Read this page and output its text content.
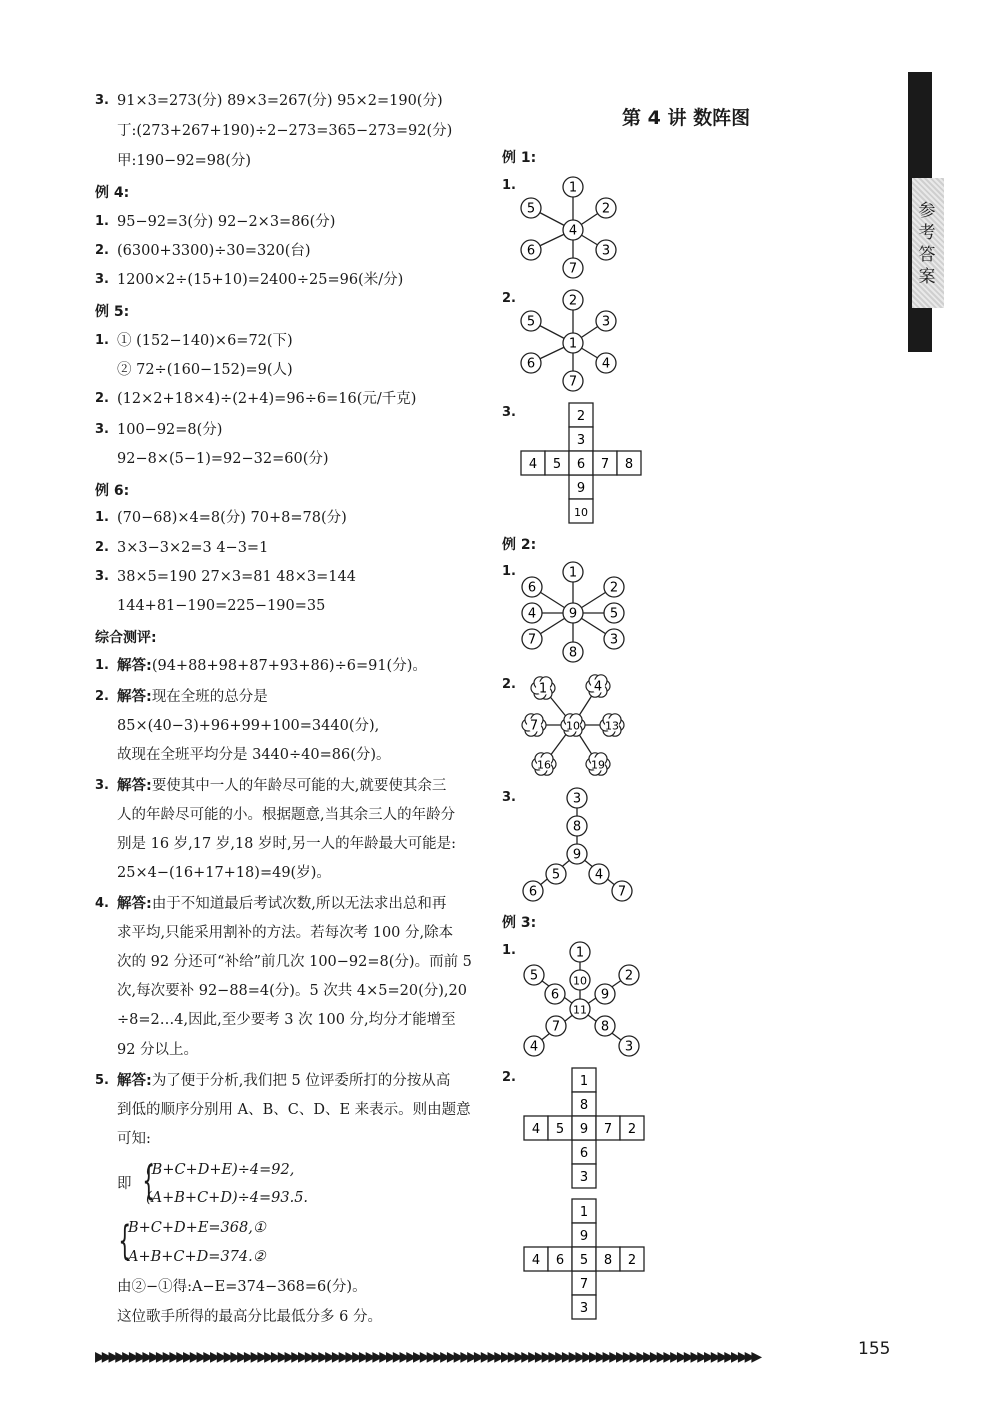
3. 91×3=273(分) 89×3=267(分) 95×2=190(分)
丁:(273+267+190)÷2−273=365−273=92(分)
甲:190−92=98(分)
例 4:
1. 95−92=3(分) 92−2×3=86(分)
2. (6300+3300)÷30=320(台)
3. 1200×2÷(15+10)=2400÷25=96(米/分)
例 5:
1. ① (152−140)×6=72(下)
② 72÷(160−152)=9(人)
2. (12×2+18×4)÷(2+4)=96÷6=16(元/千克)
3. 100−92=8(分)
92−8×(5−1)=92−32=60(分)
例 6:
1. (70−68)×4=8(分) 70+8=78(分)
2. 3×3−3×2=3 4−3=1
3. 38×5=190 27×3=81 48×3=144
144+81−190=225−190=35
综合测评:
1. 解答:(94+88+98+87+93+86)÷6=91(分)。
2. 解答:现在全班的总分是
85×(40−3)+96+99+100=3440(分),
故现在全班平均分是 3440÷40=86(分)。
3. 解答:要使其中一人的年龄尽可能的大,就要使其余三
人的年龄尽可能的小。根据题意,当其余三人的年龄分
别是 16 岁,17 岁,18 岁时,另一人的年龄最大可能是:
25×4−(16+17+18)=49(岁)。
4. 解答:由于不知道最后考试次数,所以无法求出总和再
求平均,只能采用割补的方法。若每次考 100 分,除本
次的 92 分还可“补给”前几次 100−92=8(分)。而前 5
次,每次要补 92−88=4(分)。5 次共 4×5=20(分),20
÷8=2…4,因此,至少要考 3 次 100 分,均分才能增至
92 分以上。
5. 解答:为了便于分析,我们把 5 位评委所打的分按从高
到低的顺序分别用 A、B、C、D、E 来表示。则由题意
可知:
即
由②−①得:A−E=374−368=6(分)。
这位歌手所得的最高分比最低分多 6 分。
{
(B+C+D+E)÷4=92,
(A+B+C+D)÷4=93.5.
{
B+C+D+E=368,①
A+B+C+D=374.②
第 4 讲 数阵图
例 1:
1.
2.
3.
例 2:
1.
2.
3.
例 3:
1.
2.
4
1
2
3
7
6
5
1
2
3
4
7
6
5
2
3
9
10
4 5 6 7 8
9
1
2
5
3
8
7
4
6
10
1	4
7	13
16	19
3
8
9
5
6
4
7
1
2
3
4
5
7	8
10
9
11
6
1
8
6
3
4 5 9 7 2
1
9
7
3
4 6 5 8 2
参
考
答
案
▶▶▶▶▶▶▶▶▶▶▶▶▶▶▶▶▶▶▶▶▶▶▶▶▶▶▶▶▶▶▶▶▶▶▶▶▶▶▶▶▶▶▶▶▶▶▶▶▶▶▶▶▶▶▶▶▶▶▶▶▶▶▶▶▶▶▶▶▶▶▶▶▶▶▶▶▶▶▶▶▶▶▶▶▶▶▶▶▶▶▶▶▶▶▶▶▶▶	155
